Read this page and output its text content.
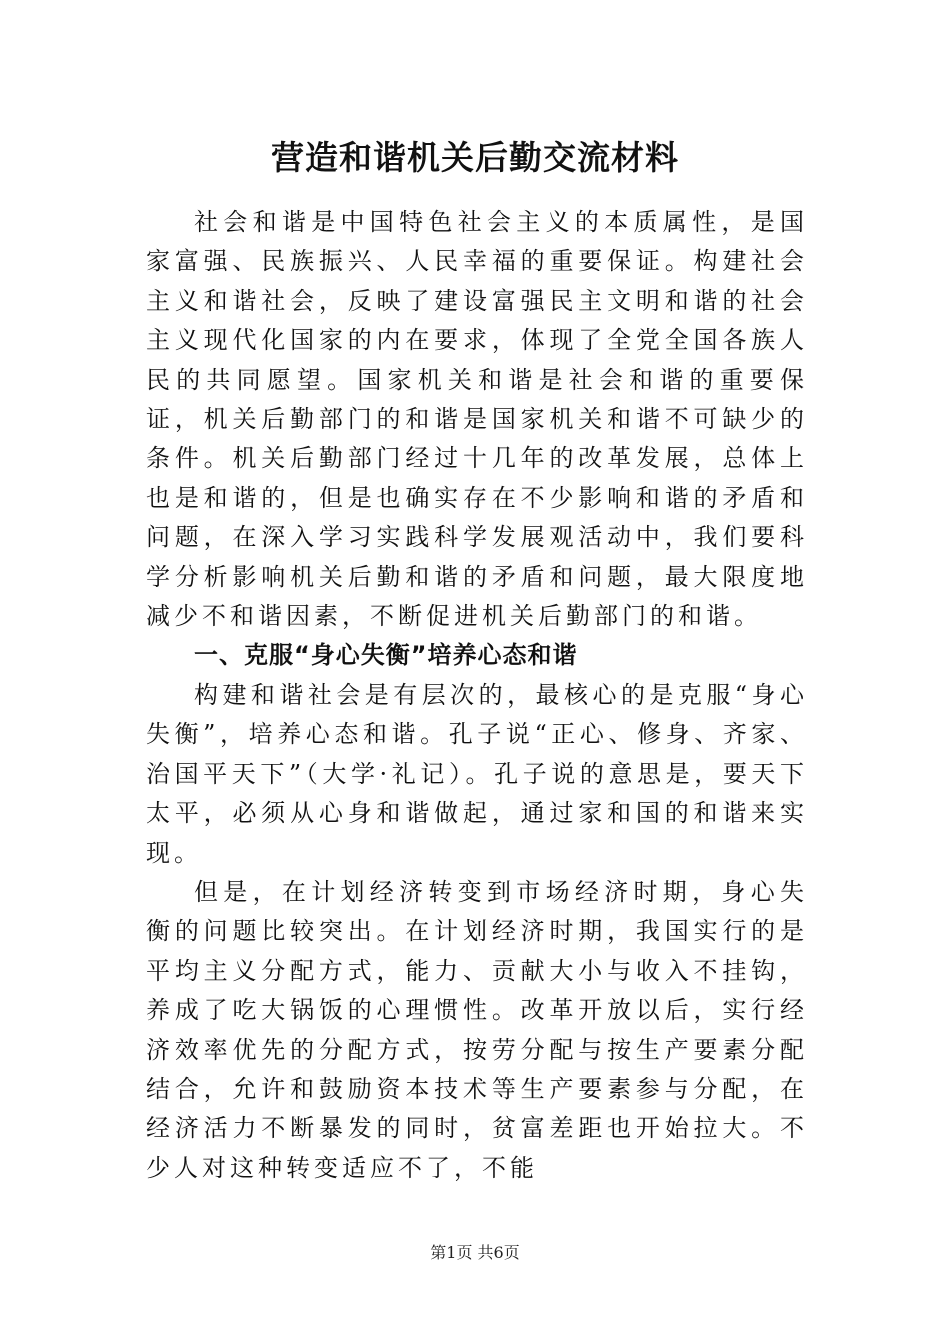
营造和谐机关后勤交流材料

社会和谐是中国特色社会主义的本质属性，是国家富强、民族振兴、人民幸福的重要保证。构建社会主义和谐社会，反映了建设富强民主文明和谐的社会主义现代化国家的内在要求，体现了全党全国各族人民的共同愿望。国家机关和谐是社会和谐的重要保证，机关后勤部门的和谐是国家机关和谐不可缺少的条件。机关后勤部门经过十几年的改革发展，总体上也是和谐的，但是也确实存在不少影响和谐的矛盾和问题，在深入学习实践科学发展观活动中，我们要科学分析影响机关后勤和谐的矛盾和问题，最大限度地减少不和谐因素，不断促进机关后勤部门的和谐。

一、克服“身心失衡”培养心态和谐

构建和谐社会是有层次的，最核心的是克服“身心失衡”，培养心态和谐。孔子说“正心、修身、齐家、治国平天下”（大学·礼记）。孔子说的意思是，要天下太平，必须从心身和谐做起，通过家和国的和谐来实现。

但是，在计划经济转变到市场经济时期，身心失衡的问题比较突出。在计划经济时期，我国实行的是平均主义分配方式，能力、贡献大小与收入不挂钩，养成了吃大锅饭的心理惯性。改革开放以后，实行经济效率优先的分配方式，按劳分配与按生产要素分配结合，允许和鼓励资本技术等生产要素参与分配，在经济活力不断暴发的同时，贫富差距也开始拉大。不少人对这种转变适应不了，不能

第1页 共6页
